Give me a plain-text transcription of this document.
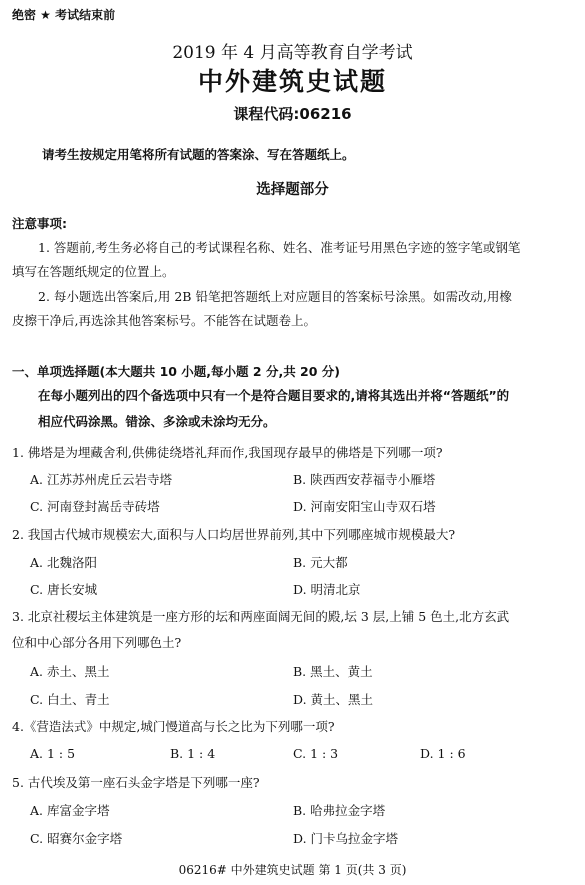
绝密 ★ 考试结束前
2019 年 4 月高等教育自学考试
中外建筑史试题
课程代码:06216
请考生按规定用笔将所有试题的答案涂、写在答题纸上。
选择题部分
注意事项:
1. 答题前,考生务必将自己的考试课程名称、姓名、准考证号用黑色字迹的签字笔或钢笔
填写在答题纸规定的位置上。
2. 每小题选出答案后,用 2B 铅笔把答题纸上对应题目的答案标号涂黑。如需改动,用橡
皮擦干净后,再选涂其他答案标号。不能答在试题卷上。
一、单项选择题(本大题共 10 小题,每小题 2 分,共 20 分)
在每小题列出的四个备选项中只有一个是符合题目要求的,请将其选出并将“答题纸”的
相应代码涂黑。错涂、多涂或未涂均无分。
1. 佛塔是为埋藏舍利,供佛徒绕塔礼拜而作,我国现存最早的佛塔是下列哪一项?
A. 江苏苏州虎丘云岩寺塔	B. 陕西西安荐福寺小雁塔
C. 河南登封嵩岳寺砖塔	D. 河南安阳宝山寺双石塔
2. 我国古代城市规模宏大,面积与人口均居世界前列,其中下列哪座城市规模最大?
A. 北魏洛阳	B. 元大都
C. 唐长安城	D. 明清北京
3. 北京社稷坛主体建筑是一座方形的坛和两座面阔无间的殿,坛 3 层,上铺 5 色土,北方玄武
位和中心部分各用下列哪色土?
A. 赤土、黑土	B. 黑土、黄土
C. 白土、青土	D. 黄土、黑土
4.《营造法式》中规定,城门慢道高与长之比为下列哪一项?
A. 1 : 5	B. 1 : 4	C. 1 : 3	D. 1 : 6
5. 古代埃及第一座石头金字塔是下列哪一座?
A. 库富金字塔	B. 哈弗拉金字塔
C. 昭赛尔金字塔	D. 门卡乌拉金字塔
06216# 中外建筑史试题 第 1 页(共 3 页)
